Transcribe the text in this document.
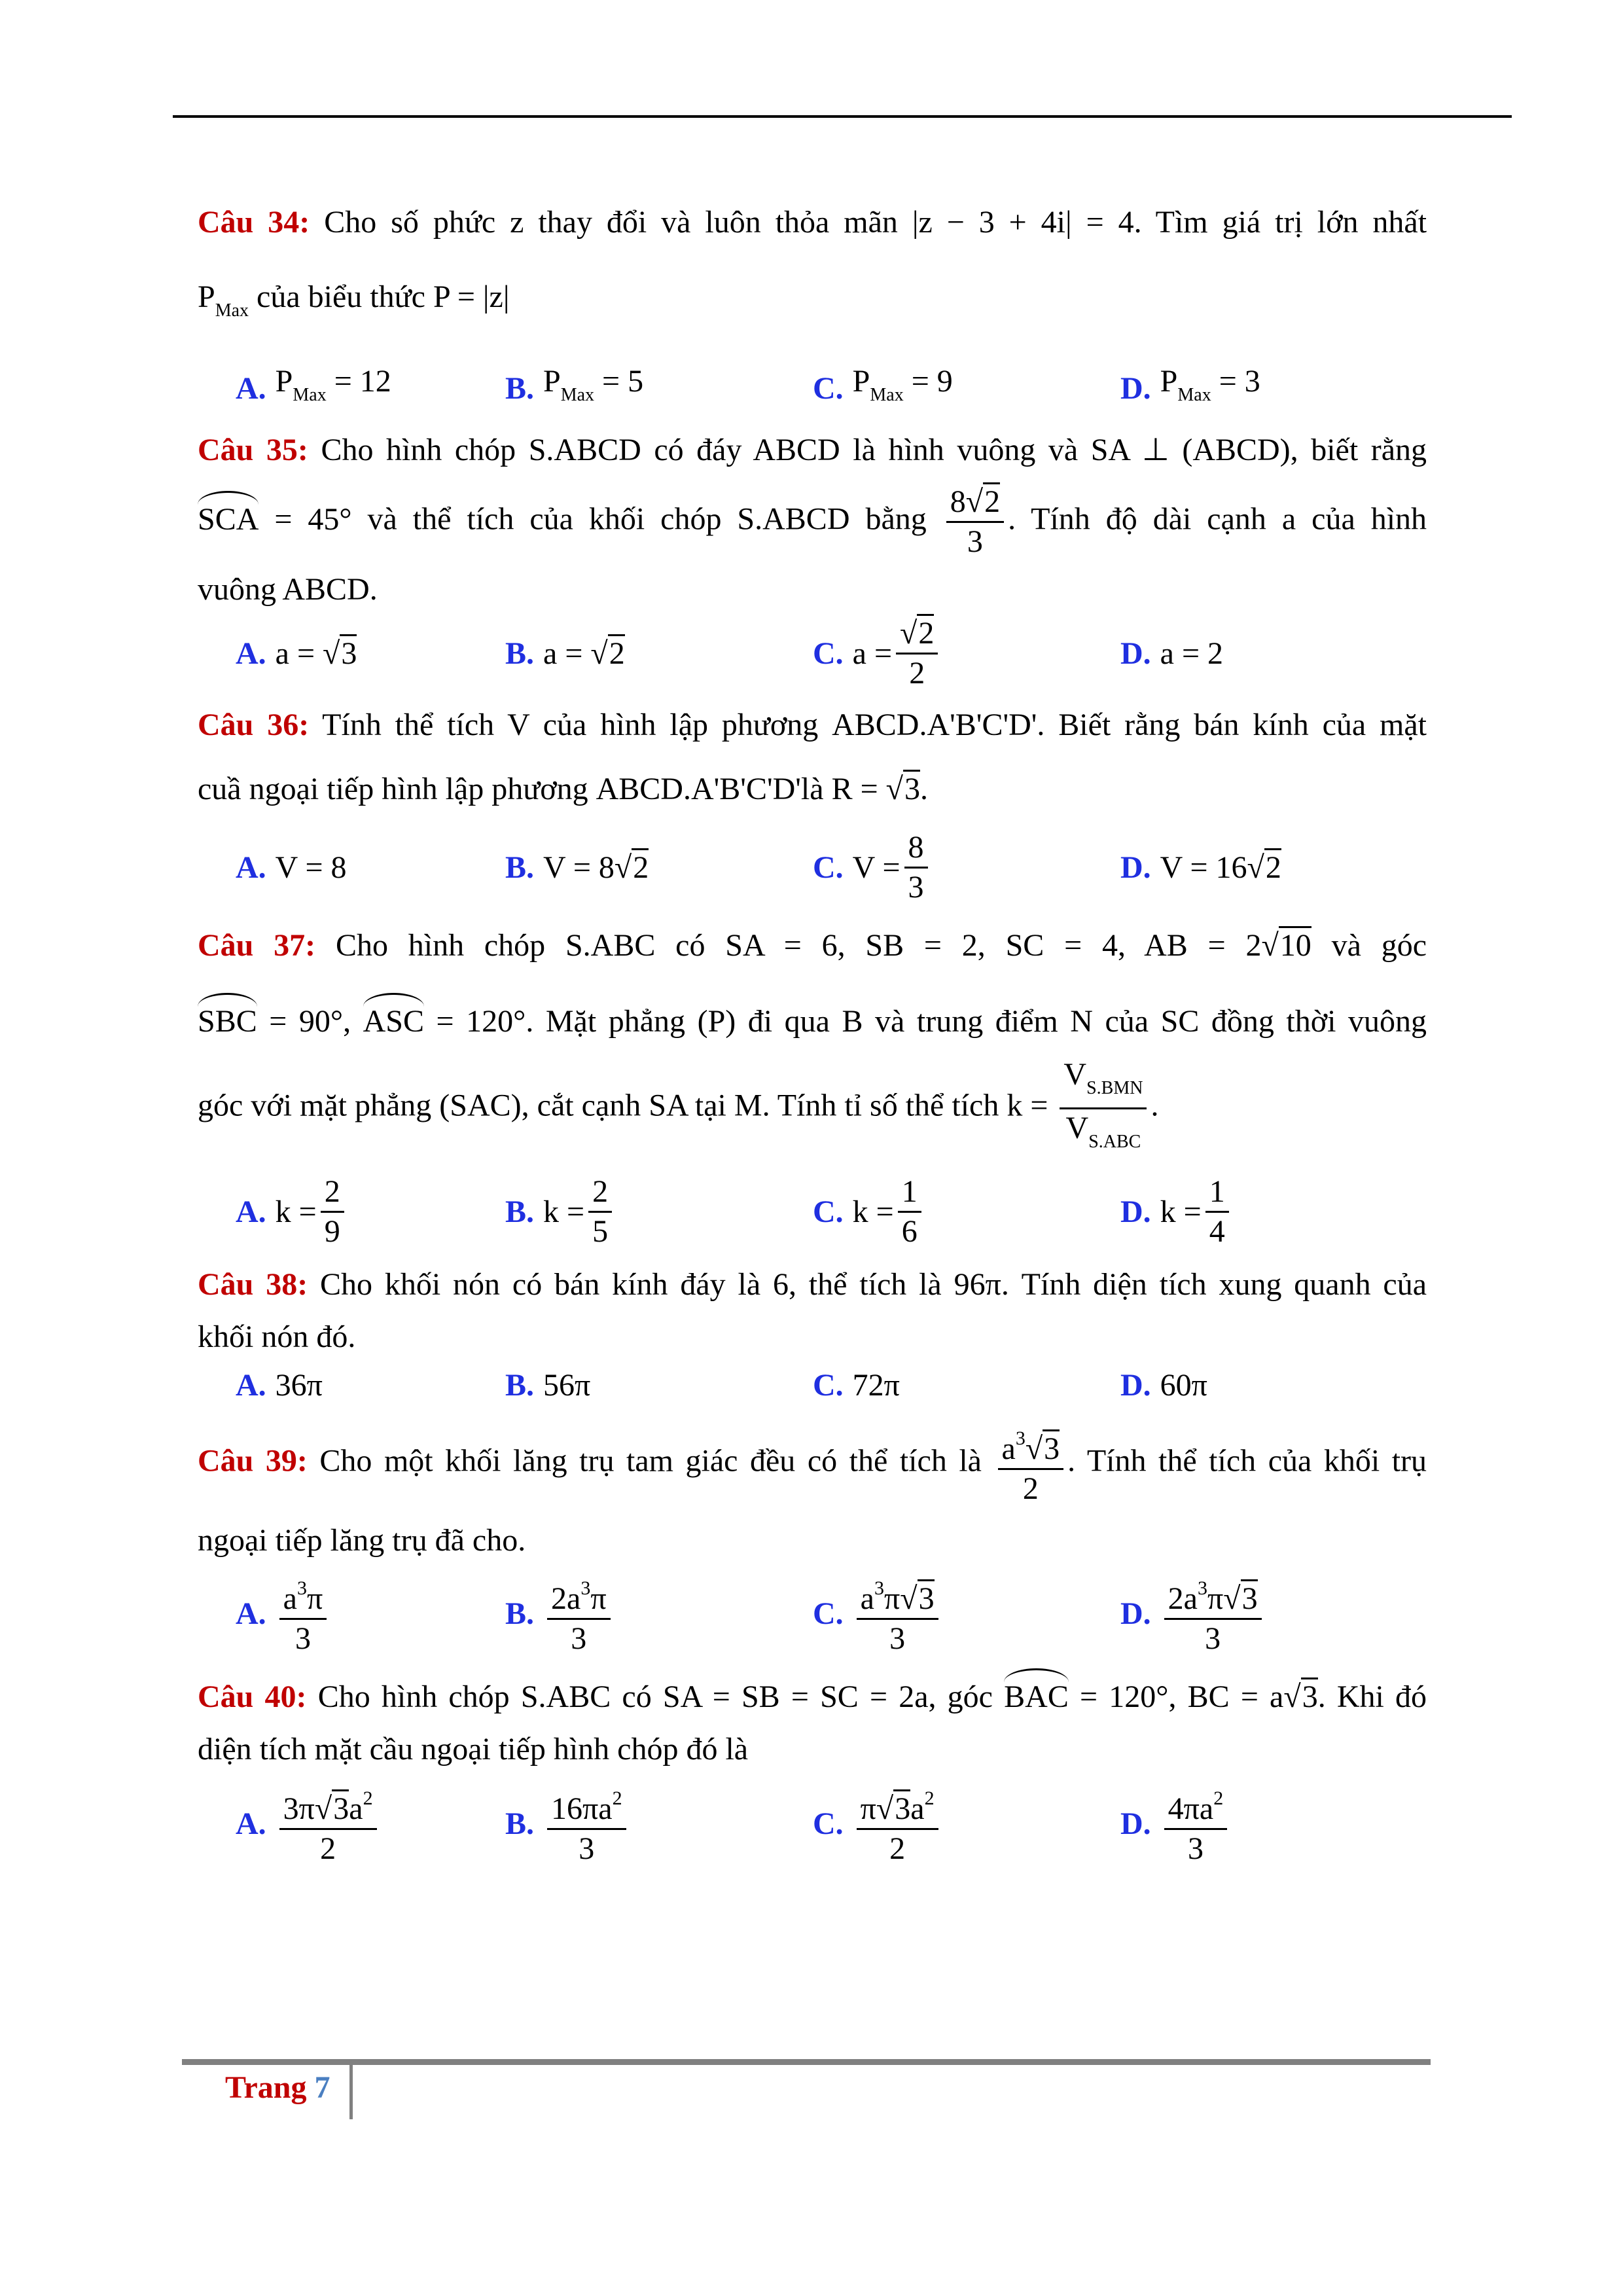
Câu 34: Cho số phức z thay đổi và luôn thỏa mãn |z − 3 + 4i| = 4. Tìm giá trị lớn nhất
$P_{Max}$ của biểu thức P = |z|
A. $P_{Max} = 12$	B. $P_{Max} = 5$	C. $P_{Max} = 9$	D. $P_{Max} = 3$
Câu 35: Cho hình chóp S.ABCD có đáy ABCD là hình vuông và SA ⊥ (ABCD), biết rằng
SCA = 45° và thể tích của khối chóp S.ABCD bằng $\frac{8√2}{3}$ . Tính độ dài cạnh a của hình
vuông ABCD.
A. a = √3	B. a = √2	C. $a = \frac{√2}{2}$	D. a = 2
Câu 36: Tính thể tích V của hình lập phương ABCD.A'B'C'D'. Biết rằng bán kính của mặt
cuầ ngoại tiếp hình lập phương ABCD.A'B'C'D'là R = √3.
A. V = 8	B. V = 8√2	C. $V = \frac{8}{3}$	D. V = 16√2
Câu 37: Cho hình chóp S.ABC có SA = 6, SB = 2, SC = 4, AB = 2√10 và góc
SBC = 90°, ASC = 120°. Mặt phẳng (P) đi qua B và trung điểm N của SC đồng thời vuông
góc với mặt phẳng (SAC), cắt cạnh SA tại M. Tính tỉ số thể tích $k = \frac{V_{S.BMN}}{V_{S.ABC}}$ .
A. $k = \frac{2}{9}$	B. $k = \frac{2}{5}$	C. $k = \frac{1}{6}$	D. $k = \frac{1}{4}$
Câu 38: Cho khối nón có bán kính đáy là 6, thể tích là 96π. Tính diện tích xung quanh của
khối nón đó.
A. 36π	B. 56π	C. 72π	D. 60π
Câu 39: Cho một khối lăng trụ tam giác đều có thể tích là $\frac{a^3√3}{2}$ . Tính thể tích của khối trụ
ngoại tiếp lăng trụ đã cho.
A. $\frac{a^3\pi}{3}$	B. $\frac{2a^3\pi}{3}$	C. $\frac{a^3\pi√3}{3}$	D. $\frac{2a^3\pi√3}{3}$
Câu 40: Cho hình chóp S.ABC có SA = SB = SC = 2a, góc BAC = 120°, BC = a√3. Khi đó
diện tích mặt cầu ngoại tiếp hình chóp đó là
A. $\frac{3\pi√3a^2}{2}$	B. $\frac{16\pi a^2}{3}$	C. $\frac{\pi√3a^2}{2}$	D. $\frac{4\pi a^2}{3}$
Trang 7
